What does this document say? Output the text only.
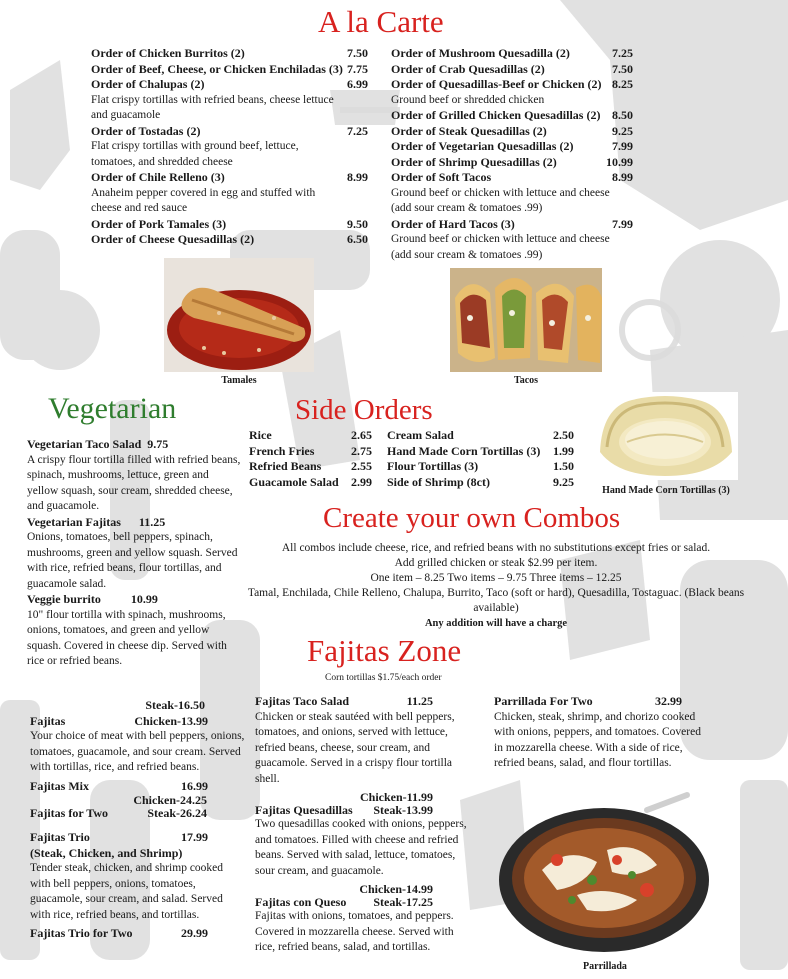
A la Carte
Order of Chicken Burritos (2)	7.50
Order of Beef, Cheese, or Chicken Enchiladas (3) 7.75
Order of Chalupas (2)	6.99
Flat crispy tortillas with refried beans, cheese lettuce and guacamole
Order of Tostadas (2)	7.25
Flat crispy tortillas with ground beef, lettuce, tomatoes, and shredded cheese
Order of Chile Relleno (3)	8.99
Anaheim pepper covered in egg and stuffed with cheese and red sauce
Order of Pork Tamales (3)	9.50
Order of Cheese Quesadillas (2)	6.50
Order of Mushroom Quesadilla (2)	7.25
Order of Crab Quesadillas (2)	7.50
Order of Quesadillas-Beef or Chicken (2) 8.25
Ground beef or shredded chicken
Order of Grilled Chicken Quesadillas (2) 8.50
Order of Steak Quesadillas (2)	9.25
Order of Vegetarian Quesadillas (2)	7.99
Order of Shrimp Quesadillas (2)	10.99
Order of Soft Tacos	8.99
Ground beef or chicken with lettuce and cheese (add sour cream & tomatoes .99)
Order of Hard Tacos (3)	7.99
Ground beef or chicken with lettuce and cheese (add sour cream & tomatoes .99)
Tamales	Tacos
Vegetarian
Vegetarian Taco Salad 9.75
A crispy flour tortilla filled with refried beans, spinach, mushrooms, lettuce, green and yellow squash, sour cream, shredded cheese, and guacamole.
Vegetarian Fajitas 11.25
Onions, tomatoes, bell peppers, spinach, mushrooms, green and yellow squash. Served with rice, refried beans, flour tortillas, and guacamole salad.
Veggie burrito	10.99
10" flour tortilla with spinach, mushrooms, onions, tomatoes, and green and yellow squash. Covered in cheese dip. Served with rice or refried beans.
Side Orders
Rice	2.65
French Fries	2.75
Refried Beans 2.55
Guacamole Salad 2.99
Cream Salad	2.50
Hand Made Corn Tortillas (3) 1.99
Flour Tortillas (3)	1.50
Side of Shrimp (8ct)	9.25
Hand Made Corn Tortillas (3)
Create your own Combos
All combos include cheese, rice, and refried beans with no substitutions except fries or salad.
Add grilled chicken or steak $2.99 per item.
One item – 8.25 Two items – 9.75 Three items – 12.25
Tamal, Enchilada, Chile Relleno, Chalupa, Burrito, Taco (soft or hard), Quesadilla, Tostaguac. (Black beans available)
Any addition will have a charge
Fajitas Zone
Corn tortillas $1.75/each order
Steak-16.50
Fajitas	Chicken-13.99
Your choice of meat with bell peppers, onions, tomatoes, guacamole, and sour cream. Served with tortillas, rice, and refried beans.
Fajitas Mix	16.99
Chicken-24.25
Fajitas for Two	Steak-26.24
Fajitas Trio	17.99
(Steak, Chicken, and Shrimp)
Tender steak, chicken, and shrimp cooked with bell peppers, onions, tomatoes, guacamole, sour cream, and salad. Served with rice, refried beans, and tortillas.
Fajitas Trio for Two	29.99
Fajitas Taco Salad	11.25
Chicken or steak sautéed with bell peppers, tomatoes, and onions, served with lettuce, refried beans, cheese, sour cream, and guacamole. Served in a crispy flour tortilla shell.
Chicken-11.99
Fajitas Quesadillas Steak-13.99
Two quesadillas cooked with onions, peppers, and tomatoes. Filled with cheese and refried beans. Served with salad, lettuce, tomatoes, sour cream, and guacamole.
Chicken-14.99
Fajitas con Queso Steak-17.25
Fajitas with onions, tomatoes, and peppers. Covered in mozzarella cheese. Served with rice, refried beans, salad, and tortillas.
Parrillada For Two	32.99
Chicken, steak, shrimp, and chorizo cooked with onions, peppers, and tomatoes. Covered in mozzarella cheese. With a side of rice, refried beans, salad, and flour tortillas.
Parrillada
